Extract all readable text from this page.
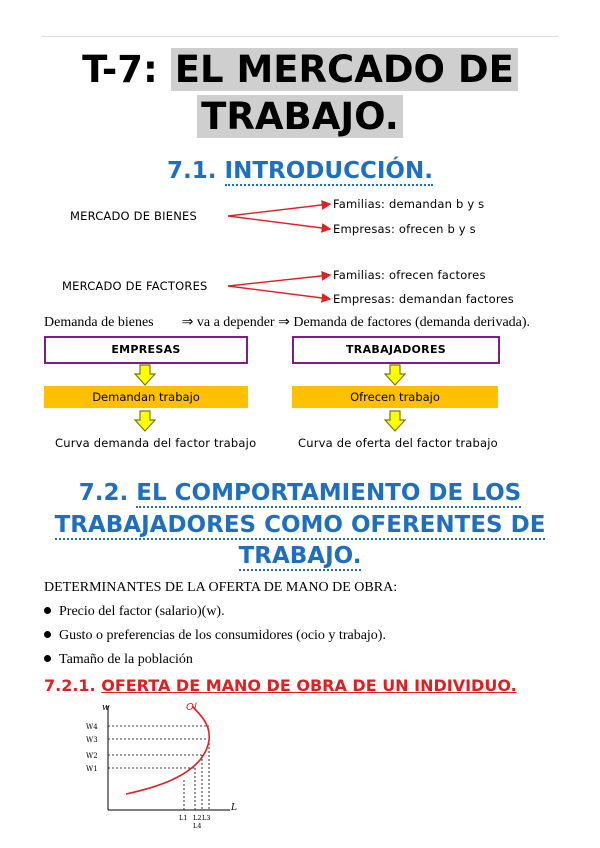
T-7: EL MERCADO DE
TRABAJO.
7.1. INTRODUCCIÓN.
MERCADO DE BIENES
Familias: demandan b y s
Empresas: ofrecen b y s
MERCADO DE FACTORES
Familias: ofrecen factores
Empresas: demandan factores
Demanda de bienes ⇒ va a depender ⇒ Demanda de factores (demanda derivada).
EMPRESAS
Demandan trabajo
Curva demanda del factor trabajo
TRABAJADORES
Ofrecen trabajo
Curva de oferta del factor trabajo
7.2. EL COMPORTAMIENTO DE LOS
TRABAJADORES COMO OFERENTES DE
TRABAJO.
DETERMINANTES DE LA OFERTA DE MANO DE OBRA:
Precio del factor (salario)(w).
Gusto o preferencias de los consumidores (ocio y trabajo).
Tamaño de la población
7.2.1. OFERTA DE MANO DE OBRA DE UN INDIVIDUO.
w
L
Ol
W4
W3
W2
W1
L1 L2 L3
L4
